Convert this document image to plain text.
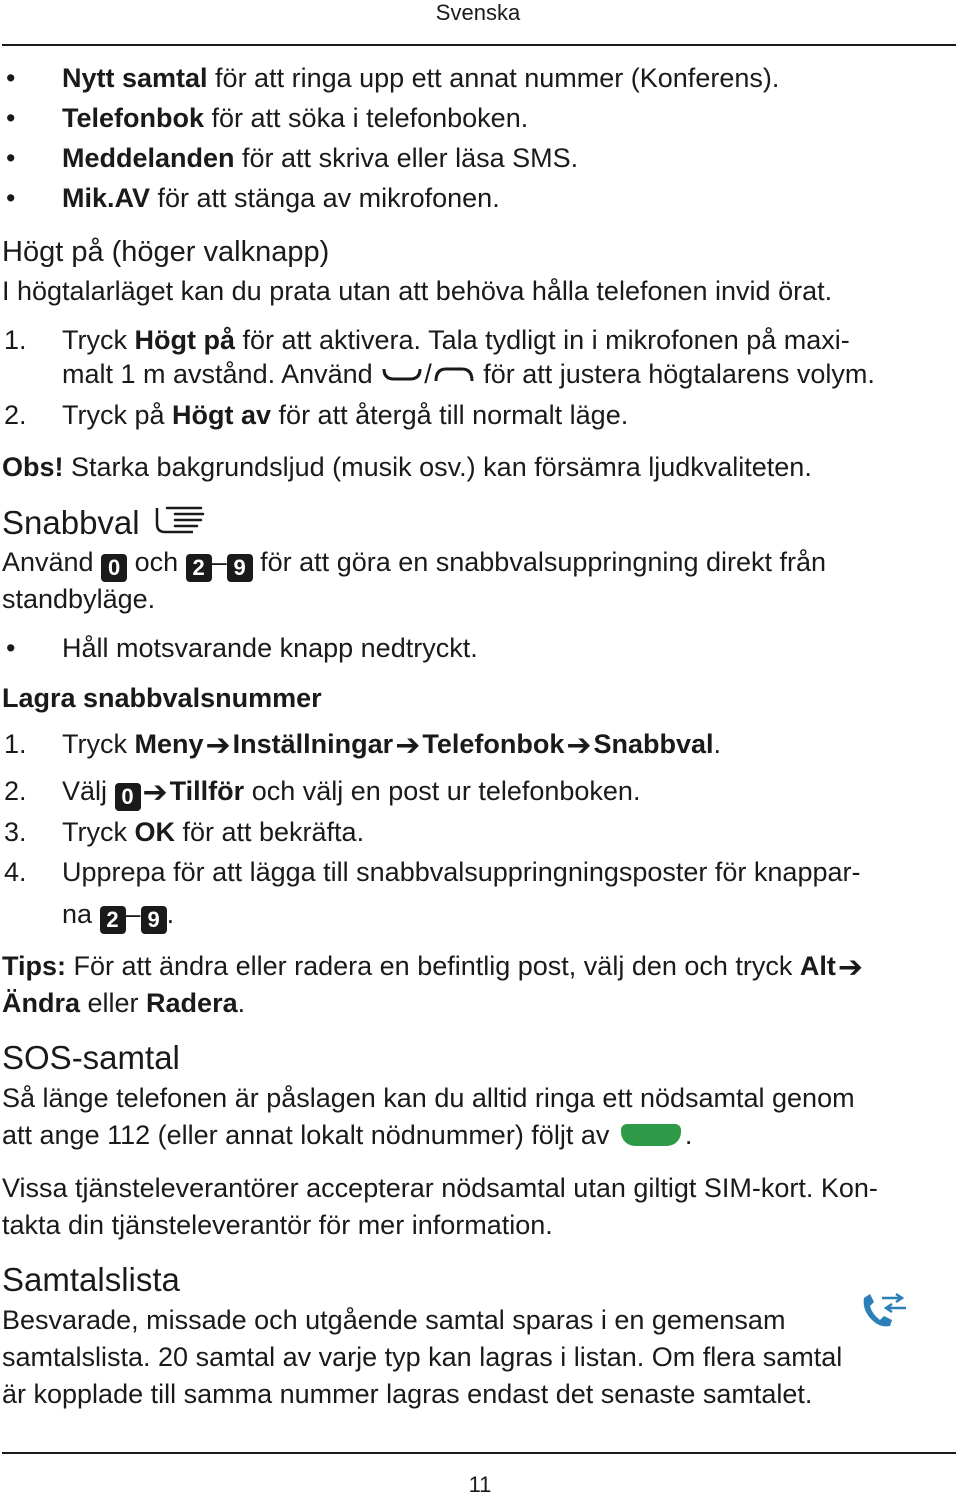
Svenska
• Nytt samtal för att ringa upp ett annat nummer (Konferens).
• Telefonbok för att söka i telefonboken.
• Meddelanden för att skriva eller läsa SMS.
• Mik.AV för att stänga av mikrofonen.
Högt på (höger valknapp)
I högtalarläget kan du prata utan att behöva hålla telefonen invid örat.
1. Tryck Högt på för att aktivera. Tala tydligt in i mikrofonen på maxi-
malt 1 m avstånd. Använd / för att justera högtalarens volym.
2. Tryck på Högt av för att återgå till normalt läge.
Obs! Starka bakgrundsljud (musik osv.) kan försämra ljudkvaliteten.
Snabbval
Använd 0 och 2 – 9 för att göra en snabbvalsuppringning direkt från
standbyläge.
• Håll motsvarande knapp nedtryckt.
Lagra snabbvalsnummer
1. Tryck Meny➔Inställningar➔Telefonbok➔Snabbval.
2. Välj 0 ➔Tillför och välj en post ur telefonboken.
3. Tryck OK för att bekräfta.
4. Upprepa för att lägga till snabbvalsuppringningsposter för knappar-
na 2 – 9 .
Tips: För att ändra eller radera en befintlig post, välj den och tryck Alt➔
Ändra eller Radera.
SOS-samtal
Så länge telefonen är påslagen kan du alltid ringa ett nödsamtal genom
att ange 112 (eller annat lokalt nödnummer) följt av	.
Vissa tjänsteleverantörer accepterar nödsamtal utan giltigt SIM-kort. Kon-
takta din tjänsteleverantör för mer information.
Samtalslista
Besvarade, missade och utgående samtal sparas i en gemensam
samtalslista. 20 samtal av varje typ kan lagras i listan. Om flera samtal
är kopplade till samma nummer lagras endast det senaste samtalet.
11
